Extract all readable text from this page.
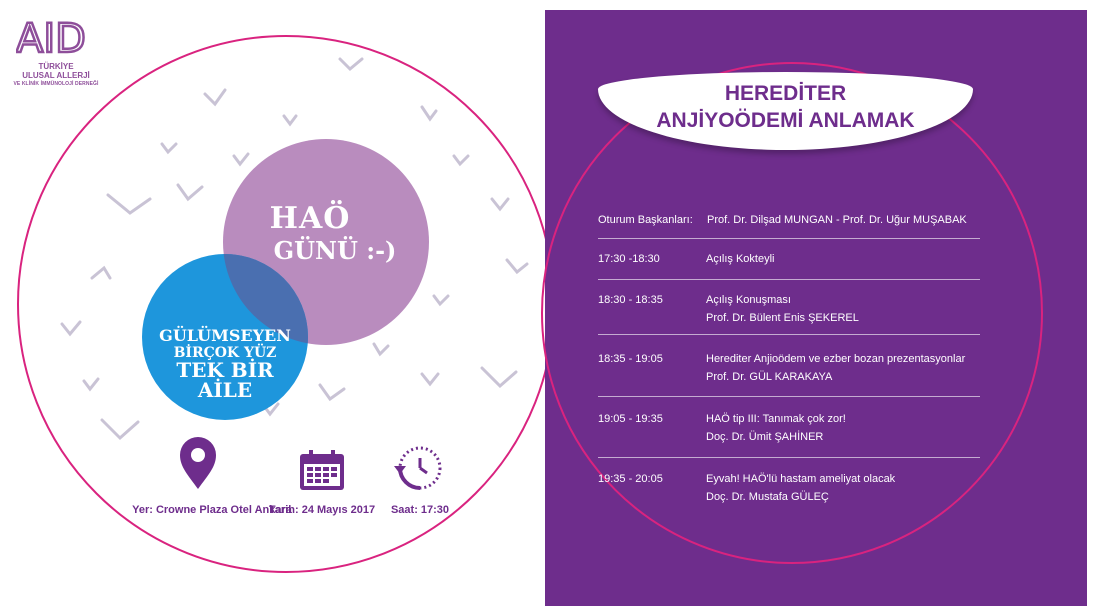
AID
TÜRKİYE
ULUSAL ALLERJİ
VE KLİNİK İMMÜNOLOJİ DERNEĞİ
HAÖ
GÜNÜ :-)
GÜLÜMSEYEN
BİRÇOK YÜZ
TEK BİR AİLE
Yer: Crowne Plaza Otel Ankara
Tarih: 24 Mayıs 2017	Saat: 17:30
HEREDİTER
ANJİYOÖDEMİ ANLAMAK
Oturum Başkanları: Prof. Dr. Dilşad MUNGAN - Prof. Dr. Uğur MUŞABAK
17:30 -18:30	Açılış Kokteyli
18:30 - 18:35	Açılış Konuşması
Prof. Dr. Bülent Enis ŞEKEREL
18:35 - 19:05	Herediter Anjioödem ve ezber bozan prezentasyonlar
Prof. Dr. GÜL KARAKAYA
19:05 - 19:35	HAÖ tip III: Tanımak çok zor!
Doç. Dr. Ümit ŞAHİNER
19:35 - 20:05	Eyvah! HAÖ'lü hastam ameliyat olacak
Doç. Dr. Mustafa GÜLEÇ
